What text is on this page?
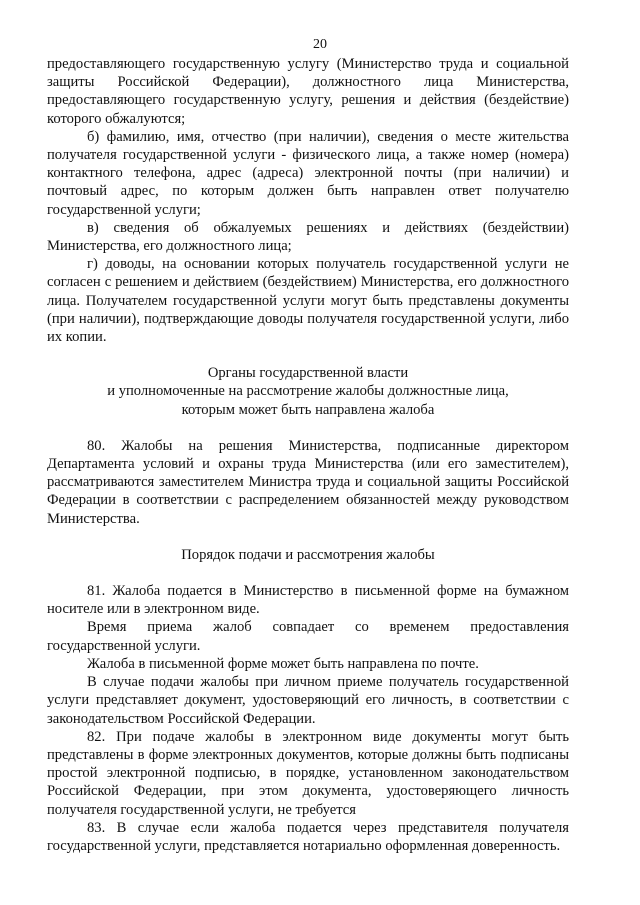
20

предоставляющего государственную услугу (Министерство труда и социальной защиты Российской Федерации), должностного лица Министерства, предоставляющего государственную услугу, решения и действия (бездействие) которого обжалуются;

б) фамилию, имя, отчество (при наличии), сведения о месте жительства получателя государственной услуги - физического лица, а также номер (номера) контактного телефона, адрес (адреса) электронной почты (при наличии) и почтовый адрес, по которым должен быть направлен ответ получателю государственной услуги;

в) сведения об обжалуемых решениях и действиях (бездействии) Министерства, его должностного лица;

г) доводы, на основании которых получатель государственной услуги не согласен с решением и действием (бездействием) Министерства, его должностного лица. Получателем государственной услуги могут быть представлены документы (при наличии), подтверждающие доводы получателя государственной услуги, либо их копии.

Органы государственной власти
и уполномоченные на рассмотрение жалобы должностные лица,
которым может быть направлена жалоба

80. Жалобы на решения Министерства, подписанные директором Департамента условий и охраны труда Министерства (или его заместителем), рассматриваются заместителем Министра труда и социальной защиты Российской Федерации в соответствии с распределением обязанностей между руководством Министерства.

Порядок подачи и рассмотрения жалобы

81. Жалоба подается в Министерство в письменной форме на бумажном носителе или в электронном виде.

Время приема жалоб совпадает со временем предоставления государственной услуги.

Жалоба в письменной форме может быть направлена по почте.

В случае подачи жалобы при личном приеме получатель государственной услуги представляет документ, удостоверяющий его личность, в соответствии с законодательством Российской Федерации.

82. При подаче жалобы в электронном виде документы могут быть представлены в форме электронных документов, которые должны быть подписаны простой электронной подписью, в порядке, установленном законодательством Российской Федерации, при этом документа, удостоверяющего личность получателя государственной услуги, не требуется

83. В случае если жалоба подается через представителя получателя государственной услуги, представляется нотариально оформленная доверенность.
